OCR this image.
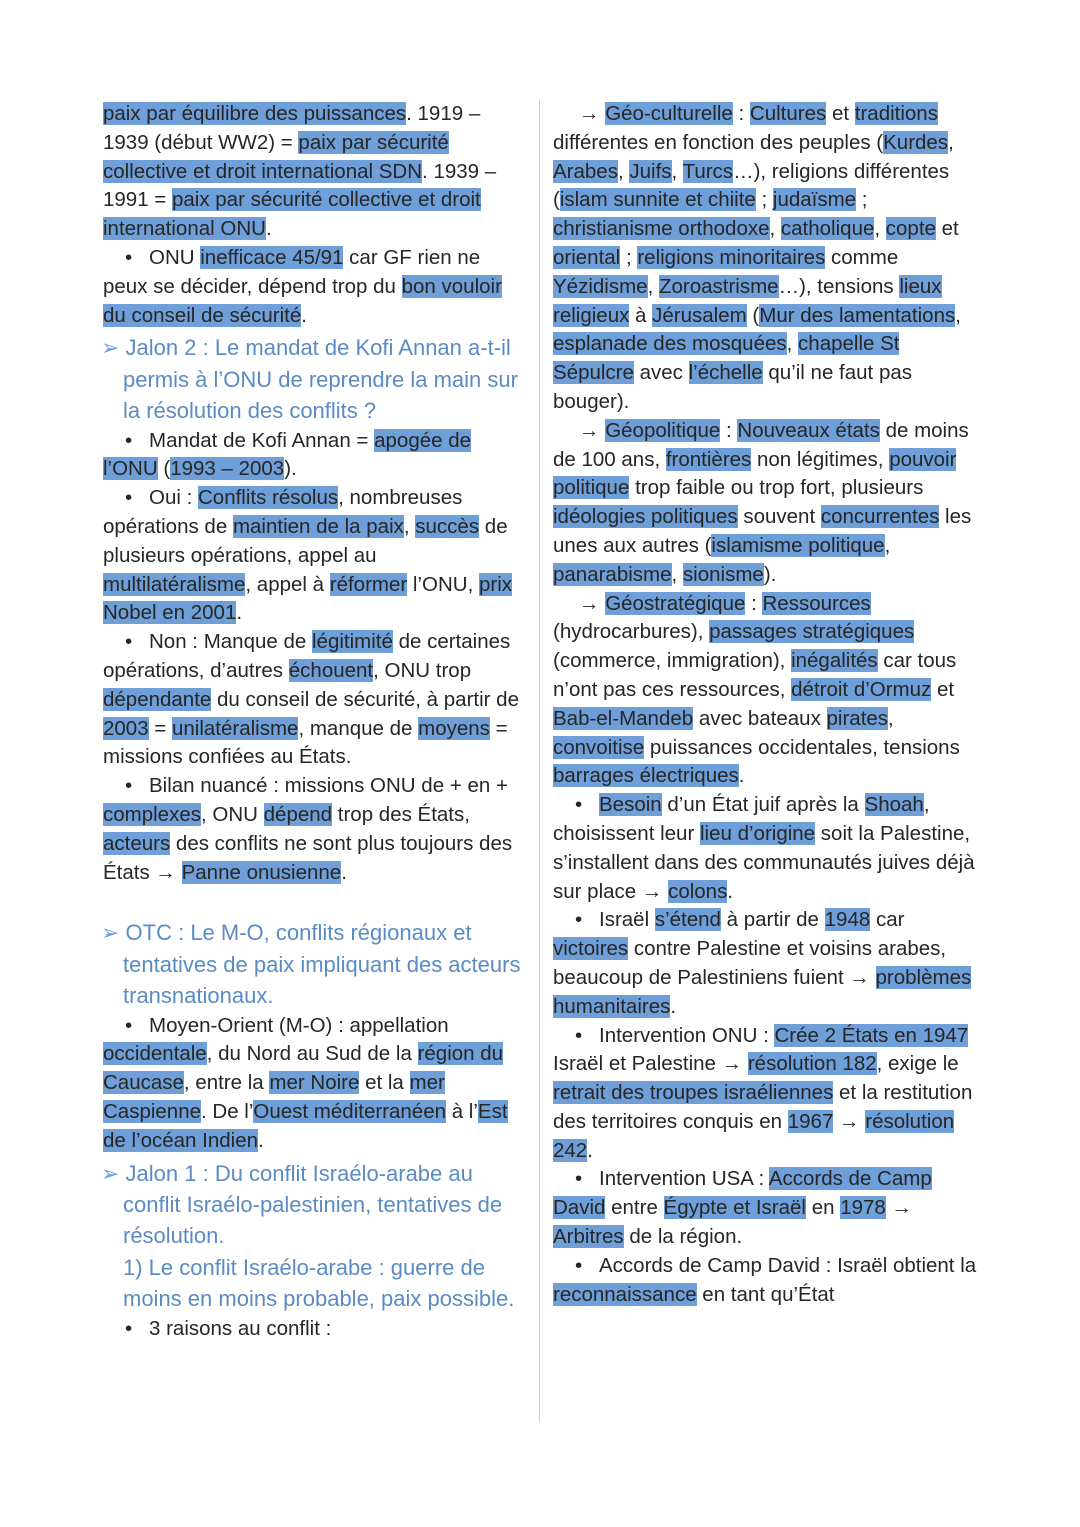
paix par équilibre des puissances. 1919 – 1939 (début WW2) = paix par sécurité collective et droit international SDN. 1939 – 1991 = paix par sécurité collective et droit international ONU.

• ONU inefficace 45/91 car GF rien ne peux se décider, dépend trop du bon vouloir du conseil de sécurité.

➢ Jalon 2 : Le mandat de Kofi Annan a-t-il permis à l’ONU de reprendre la main sur la résolution des conflits ?

• Mandat de Kofi Annan = apogée de l’ONU (1993 – 2003).

• Oui : Conflits résolus, nombreuses opérations de maintien de la paix, succès de plusieurs opérations, appel au multilatéralisme, appel à réformer l’ONU, prix Nobel en 2001.

• Non : Manque de légitimité de certaines opérations, d’autres échouent, ONU trop dépendante du conseil de sécurité, à partir de 2003 = unilatéralisme, manque de moyens = missions confiées au États.

• Bilan nuancé : missions ONU de + en + complexes, ONU dépend trop des États, acteurs des conflits ne sont plus toujours des États → Panne onusienne.

➢ OTC : Le M-O, conflits régionaux et tentatives de paix impliquant des acteurs transnationaux.

• Moyen-Orient (M-O) : appellation occidentale, du Nord au Sud de la région du Caucase, entre la mer Noire et la mer Caspienne. De l’Ouest méditerranéen à l’Est de l’océan Indien.

➢ Jalon 1 : Du conflit Israélo-arabe au conflit Israélo-palestinien, tentatives de résolution.

1) Le conflit Israélo-arabe : guerre de moins en moins probable, paix possible.

• 3 raisons au conflit :

→ Géo-culturelle : Cultures et traditions différentes en fonction des peuples (Kurdes, Arabes, Juifs, Turcs…), religions différentes (islam sunnite et chiite ; judaïsme ; christianisme orthodoxe, catholique, copte et oriental ; religions minoritaires comme Yézidisme, Zoroastrisme…), tensions lieux religieux à Jérusalem (Mur des lamentations, esplanade des mosquées, chapelle St Sépulcre avec l’échelle qu’il ne faut pas bouger).

→ Géopolitique : Nouveaux états de moins de 100 ans, frontières non légitimes, pouvoir politique trop faible ou trop fort, plusieurs idéologies politiques souvent concurrentes les unes aux autres (islamisme politique, panarabisme, sionisme).

→ Géostratégique : Ressources (hydrocarbures), passages stratégiques (commerce, immigration), inégalités car tous n’ont pas ces ressources, détroit d’Ormuz et Bab-el-Mandeb avec bateaux pirates, convoitise puissances occidentales, tensions barrages électriques.

• Besoin d’un État juif après la Shoah, choisissent leur lieu d’origine soit la Palestine, s’installent dans des communautés juives déjà sur place → colons.

• Israël s’étend à partir de 1948 car victoires contre Palestine et voisins arabes, beaucoup de Palestiniens fuient → problèmes humanitaires.

• Intervention ONU : Crée 2 États en 1947 Israël et Palestine → résolution 182, exige le retrait des troupes israéliennes et la restitution des territoires conquis en 1967 → résolution 242.

• Intervention USA : Accords de Camp David entre Égypte et Israël en 1978 → Arbitres de la région.

• Accords de Camp David : Israël obtient la reconnaissance en tant qu’État
